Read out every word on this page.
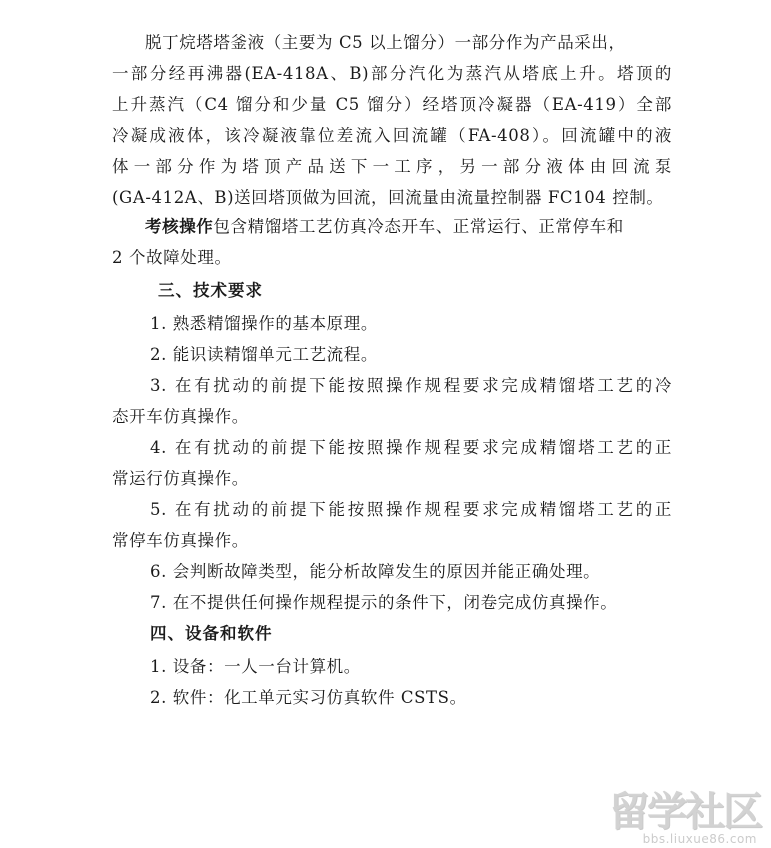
脱丁烷塔塔釜液（主要为 C5 以上馏分）一部分作为产品采出，
一部分经再沸器(EA-418A、B)部分汽化为蒸汽从塔底上升。塔顶的
上升蒸汽（C4 馏分和少量 C5 馏分）经塔顶冷凝器（EA-419）全部
冷凝成液体，该冷凝液靠位差流入回流罐（FA-408）。回流罐中的液
体一部分作为塔顶产品送下一工序，另一部分液体由回流泵
(GA-412A、B)送回塔顶做为回流，回流量由流量控制器 FC104 控制。
考核操作包含精馏塔工艺仿真冷态开车、正常运行、正常停车和
2 个故障处理。
三、技术要求
1. 熟悉精馏操作的基本原理。
2. 能识读精馏单元工艺流程。
3. 在有扰动的前提下能按照操作规程要求完成精馏塔工艺的冷
态开车仿真操作。
4. 在有扰动的前提下能按照操作规程要求完成精馏塔工艺的正
常运行仿真操作。
5. 在有扰动的前提下能按照操作规程要求完成精馏塔工艺的正
常停车仿真操作。
6. 会判断故障类型，能分析故障发生的原因并能正确处理。
7. 在不提供任何操作规程提示的条件下，闭卷完成仿真操作。
四、设备和软件
1. 设备：一人一台计算机。
2. 软件：化工单元实习仿真软件 CSTS。
留学社区
bbs.liuxue86.com
